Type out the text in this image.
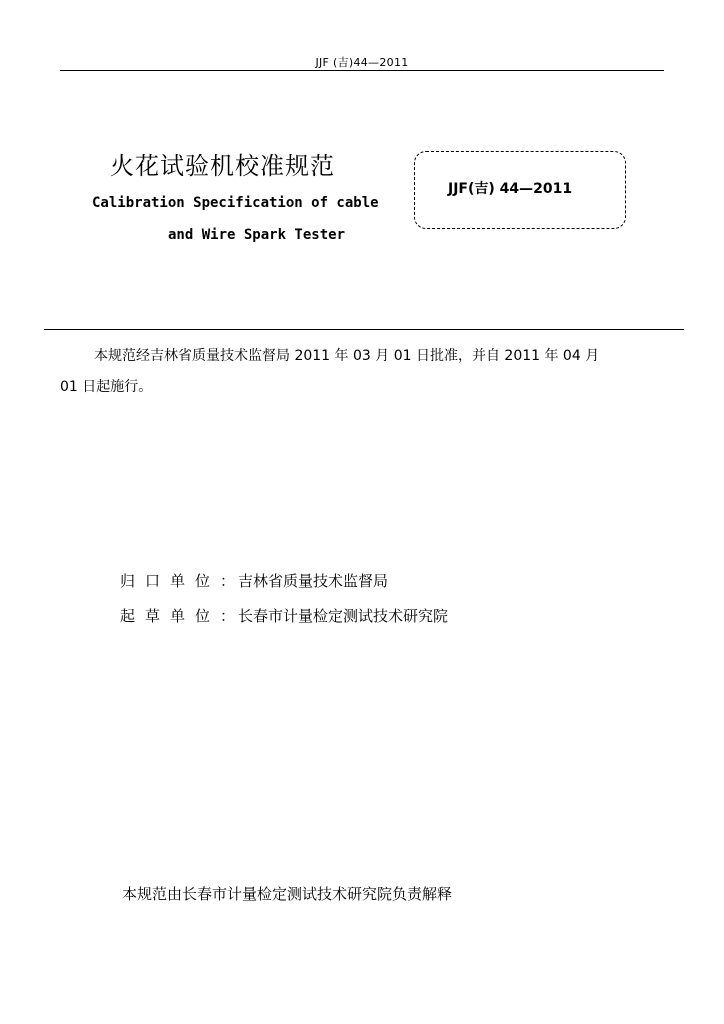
JJF (吉)44—2011
火花试验机校准规范
Calibration Specification of cable
and Wire Spark Tester
JJF(吉) 44—2011
本规范经吉林省质量技术监督局 2011 年 03 月 01 日批准，并自 2011 年 04 月
01 日起施行。
归口单位： 吉林省质量技术监督局
起草单位： 长春市计量检定测试技术研究院
本规范由长春市计量检定测试技术研究院负责解释
